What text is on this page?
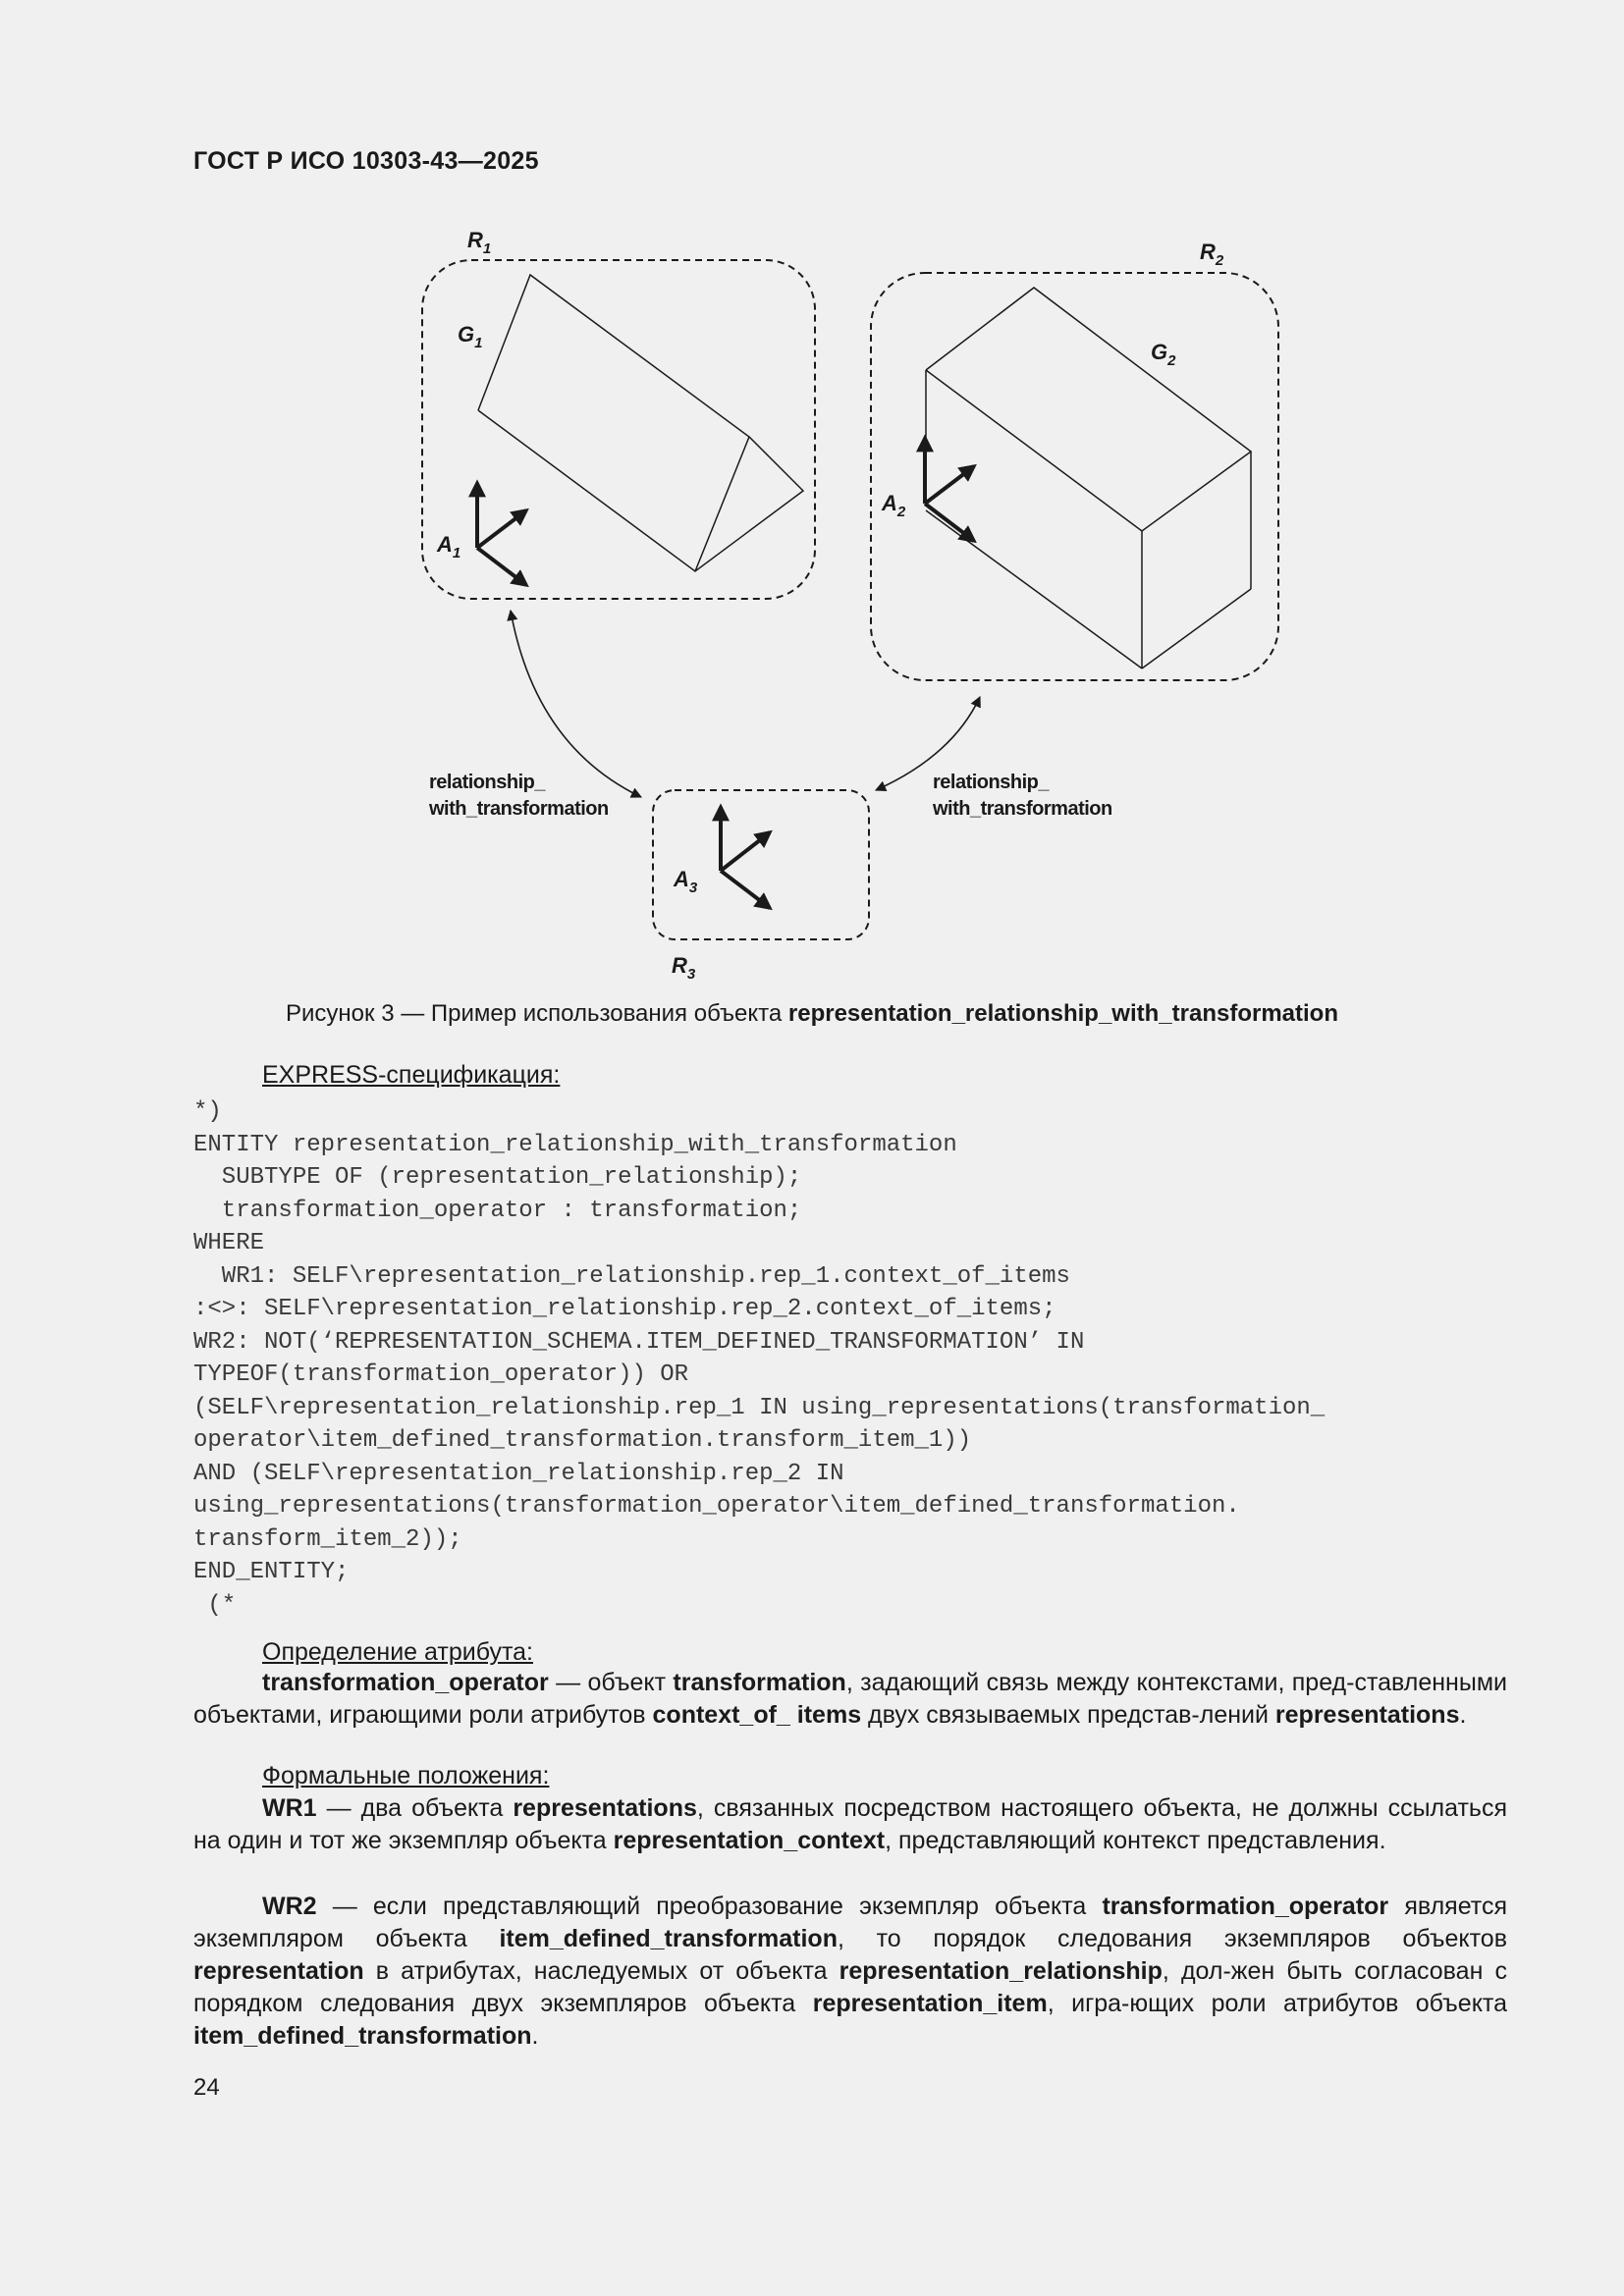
ГОСТ Р ИСО 10303-43—2025
$R_1$	$R_2$
$R_3$
$G_1$	$G_2$
$A_1$
$A_2$
$A_3$
relationship_
with_transformation
relationship_
with_transformation
Рисунок 3 — Пример использования объекта representation_relationship_with_transformation
EXPRESS-спецификация:
*)
ENTITY representation_relationship_with_transformation
SUBTYPE OF (representation_relationship);
transformation_operator : transformation;
WHERE
WR1: SELF\representation_relationship.rep_1.context_of_items
:<>: SELF\representation_relationship.rep_2.context_of_items;
WR2: NOT(‘REPRESENTATION_SCHEMA.ITEM_DEFINED_TRANSFORMATION’ IN
TYPEOF(transformation_operator)) OR
(SELF\representation_relationship.rep_1 IN using_representations(transformation_
operator\item_defined_transformation.transform_item_1))
AND (SELF\representation_relationship.rep_2 IN
using_representations(transformation_operator\item_defined_transformation.
transform_item_2));
END_ENTITY;
(*
Определение атрибута:

transformation_operator — объект transformation, задающий связь между контекстами, пред-ставленными объектами, играющими роли атрибутов context_of_ items двух связываемых представ-лений representations.

Формальные положения:

WR1 — два объекта representations, связанных посредством настоящего объекта, не должны ссылаться на один и тот же экземпляр объекта representation_context, представляющий контекст представления.

WR2 — если представляющий преобразование экземпляр объекта transformation_operator является экземпляром объекта item_defined_transformation, то порядок следования экземпляров объектов representation в атрибутах, наследуемых от объекта representation_relationship, дол-жен быть согласован с порядком следования двух экземпляров объекта representation_item, игра-ющих роли атрибутов объекта item_defined_transformation.

24
